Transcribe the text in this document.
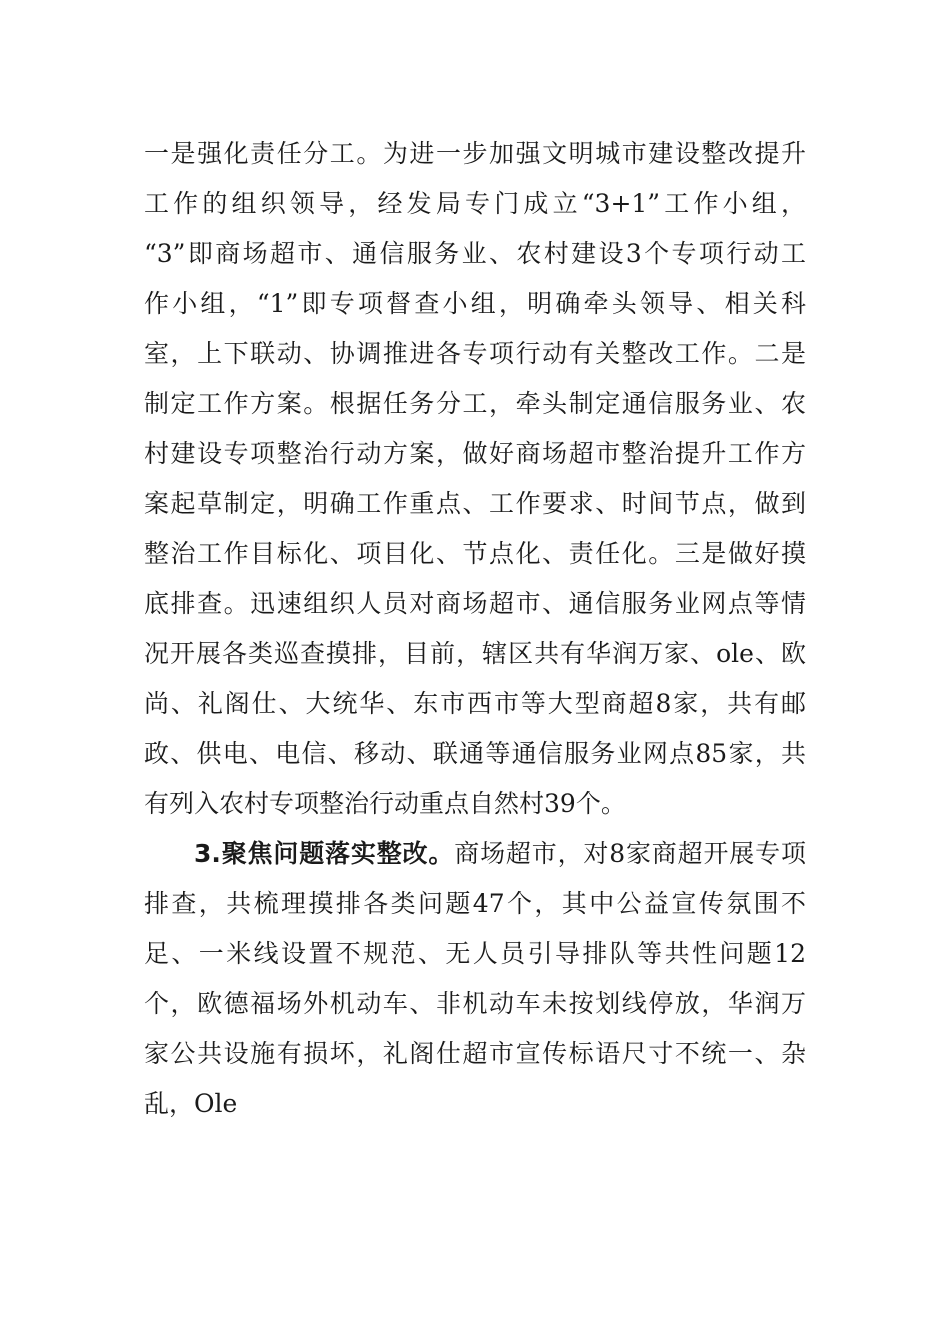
一是强化责任分工。为进一步加强文明城市建设整改提升
工作的组织领导，经发局专门成立“3+1”工作小组，
“3”即商场超市、通信服务业、农村建设3个专项行动工
作小组，“1”即专项督查小组，明确牵头领导、相关科
室，上下联动、协调推进各专项行动有关整改工作。二是
制定工作方案。根据任务分工，牵头制定通信服务业、农
村建设专项整治行动方案，做好商场超市整治提升工作方
案起草制定，明确工作重点、工作要求、时间节点，做到
整治工作目标化、项目化、节点化、责任化。三是做好摸
底排查。迅速组织人员对商场超市、通信服务业网点等情
况开展各类巡查摸排，目前，辖区共有华润万家、ole、欧
尚、礼阁仕、大统华、东市西市等大型商超8家，共有邮
政、供电、电信、移动、联通等通信服务业网点85家，共
有列入农村专项整治行动重点自然村39个。
3.聚焦问题落实整改。商场超市，对8家商超开展专项
排查，共梳理摸排各类问题47个，其中公益宣传氛围不
足、一米线设置不规范、无人员引导排队等共性问题12
个，欧德福场外机动车、非机动车未按划线停放，华润万
家公共设施有损坏，礼阁仕超市宣传标语尺寸不统一、杂
乱，Ole
